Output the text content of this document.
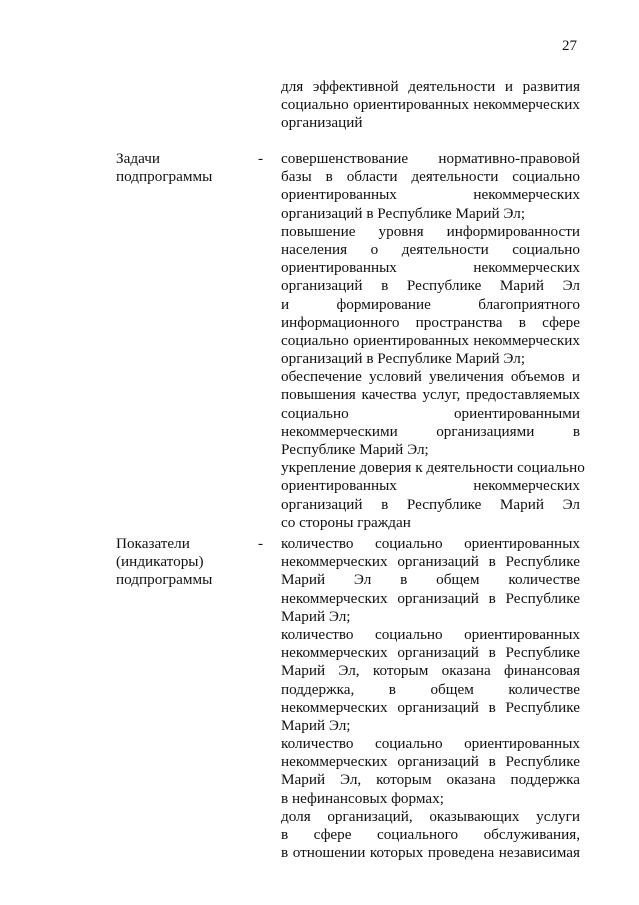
27
для эффективной деятельности и развития
социально ориентированных некоммерческих
организаций
Задачи
подпрограммы
- совершенствование нормативно-правовой
базы в области деятельности социально
ориентированных некоммерческих
организаций в Республике Марий Эл;
повышение уровня информированности
населения о деятельности социально
ориентированных некоммерческих
организаций в Республике Марий Эл
и формирование благоприятного
информационного пространства в сфере
социально ориентированных некоммерческих
организаций в Республике Марий Эл;
обеспечение условий увеличения объемов и
повышения качества услуг, предоставляемых
социально ориентированными
некоммерческими организациями в
Республике Марий Эл;
укрепление доверия к деятельности социально
ориентированных некоммерческих
организаций в Республике Марий Эл
со стороны граждан
Показатели
(индикаторы)
подпрограммы
- количество социально ориентированных
некоммерческих организаций в Республике
Марий Эл в общем количестве
некоммерческих организаций в Республике
Марий Эл;
количество социально ориентированных
некоммерческих организаций в Республике
Марий Эл, которым оказана финансовая
поддержка, в общем количестве
некоммерческих организаций в Республике
Марий Эл;
количество социально ориентированных
некоммерческих организаций в Республике
Марий Эл, которым оказана поддержка
в нефинансовых формах;
доля организаций, оказывающих услуги
в сфере социального обслуживания,
в отношении которых проведена независимая
